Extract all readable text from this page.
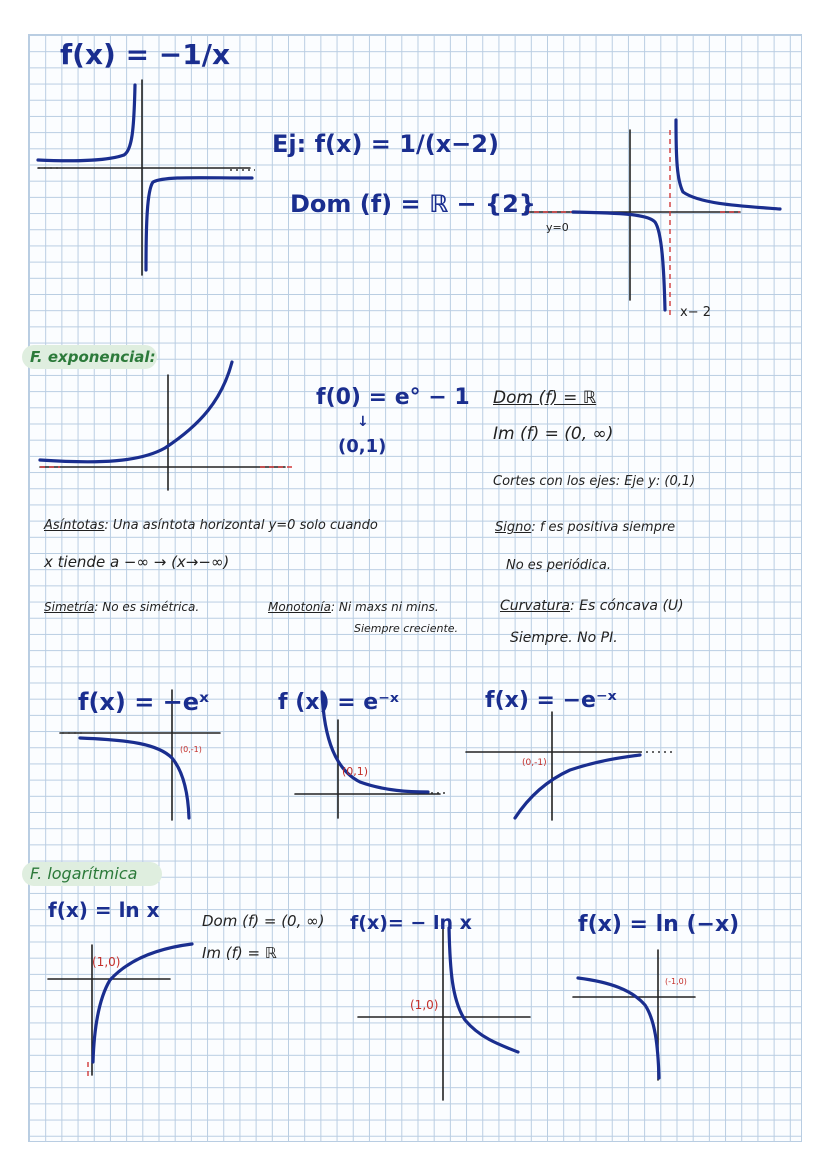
f(x) = −1/x
Ej: f(x) = 1/(x−2)
Dom (f) = ℝ − {2}
y=0
x− 2
F. exponencial:
f(0) = e° − 1
↓
(0,1)
Dom (f) = ℝ
Im (f) = (0, ∞)
Cortes con los ejes: Eje y: (0,1)
Asíntotas: Una asíntota horizontal y=0 solo cuando
x tiende a −∞ → (x→−∞)
Signo: f es positiva siempre
No es periódica.
Simetría: No es simétrica.	Monotonía: Ni maxs ni mins.
Siempre creciente.
Curvatura: Es cóncava (U)
Siempre. No PI.
f(x) = −eˣ
(0,-1)
f (x) = e⁻ˣ
(0,1)
f(x) = −e⁻ˣ
(0,-1)
F. logarítmica
f(x) = ln x
(1,0)
Dom (f) = (0, ∞)
Im (f) = ℝ
f(x)= − ln x
(1,0)
f(x) = ln (−x)
(-1,0)
